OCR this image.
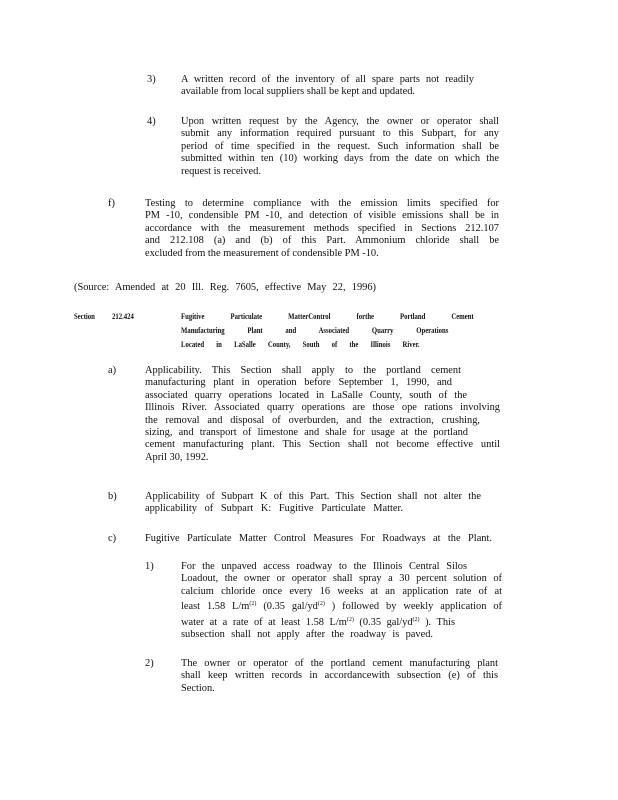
3) A written record of the inventory of all spare parts not readily
available from local suppliers shall be kept and updated.
4) Upon written request by the Agency, the owner or operator shall
submit any information required pursuant to this Subpart, for any
period of time specified in the request. Such information shall be
submitted within ten (10) working days from the date on which the
request is received.
f)	Testing to determine compliance with the emission limits specified for
PM -10, condensible PM -10, and detection of visible emissions shall be in
accordance with the measurement methods specified in Sections 212.107
and 212.108 (a) and (b) of this Part. Ammonium chloride shall be
excluded from the measurement of condensible PM -10.
(Source: Amended at 20 Ill. Reg. 7605, effective May 22, 1996)
Section 212.424	Fugitive Particulate MatterControl forthe Portland Cement
Manufacturing Plant and Associated Quarry Operations
Located in LaSalle County, South of the Illinois River.
a)	Applicability. This Section shall apply to the portland cement
manufacturing plant in operation before September 1, 1990, and
associated quarry operations located in LaSalle County, south of the
Illinois River. Associated quarry operations are those ope rations involving
the removal and disposal of overburden, and the extraction, crushing,
sizing, and transport of limestone and shale for usage at the portland
cement manufacturing plant. This Section shall not become effective until
April 30, 1992.
b)	Applicability of Subpart K of this Part. This Section shall not alter the
applicability of Subpart K: Fugitive Particulate Matter.
c)	Fugitive Particulate Matter Control Measures For Roadways at the Plant.
1)	For the unpaved access roadway to the Illinois Central Silos
Loadout, the owner or operator shall spray a 30 percent solution of
calcium chloride once every 16 weeks at an application rate of at
least 1.58 $L/m^{(2)}$ (0.35 gal/$yd^{(2)}$ ) followed by weekly application of
water at a rate of at least 1.58 $L/m^{(2)}$ (0.35 gal/$yd^{(2)}$ ). This
subsection shall not apply after the roadway is paved.
2)	The owner or operator of the portland cement manufacturing plant
shall keep written records in accordancewith subsection (e) of this
Section.
